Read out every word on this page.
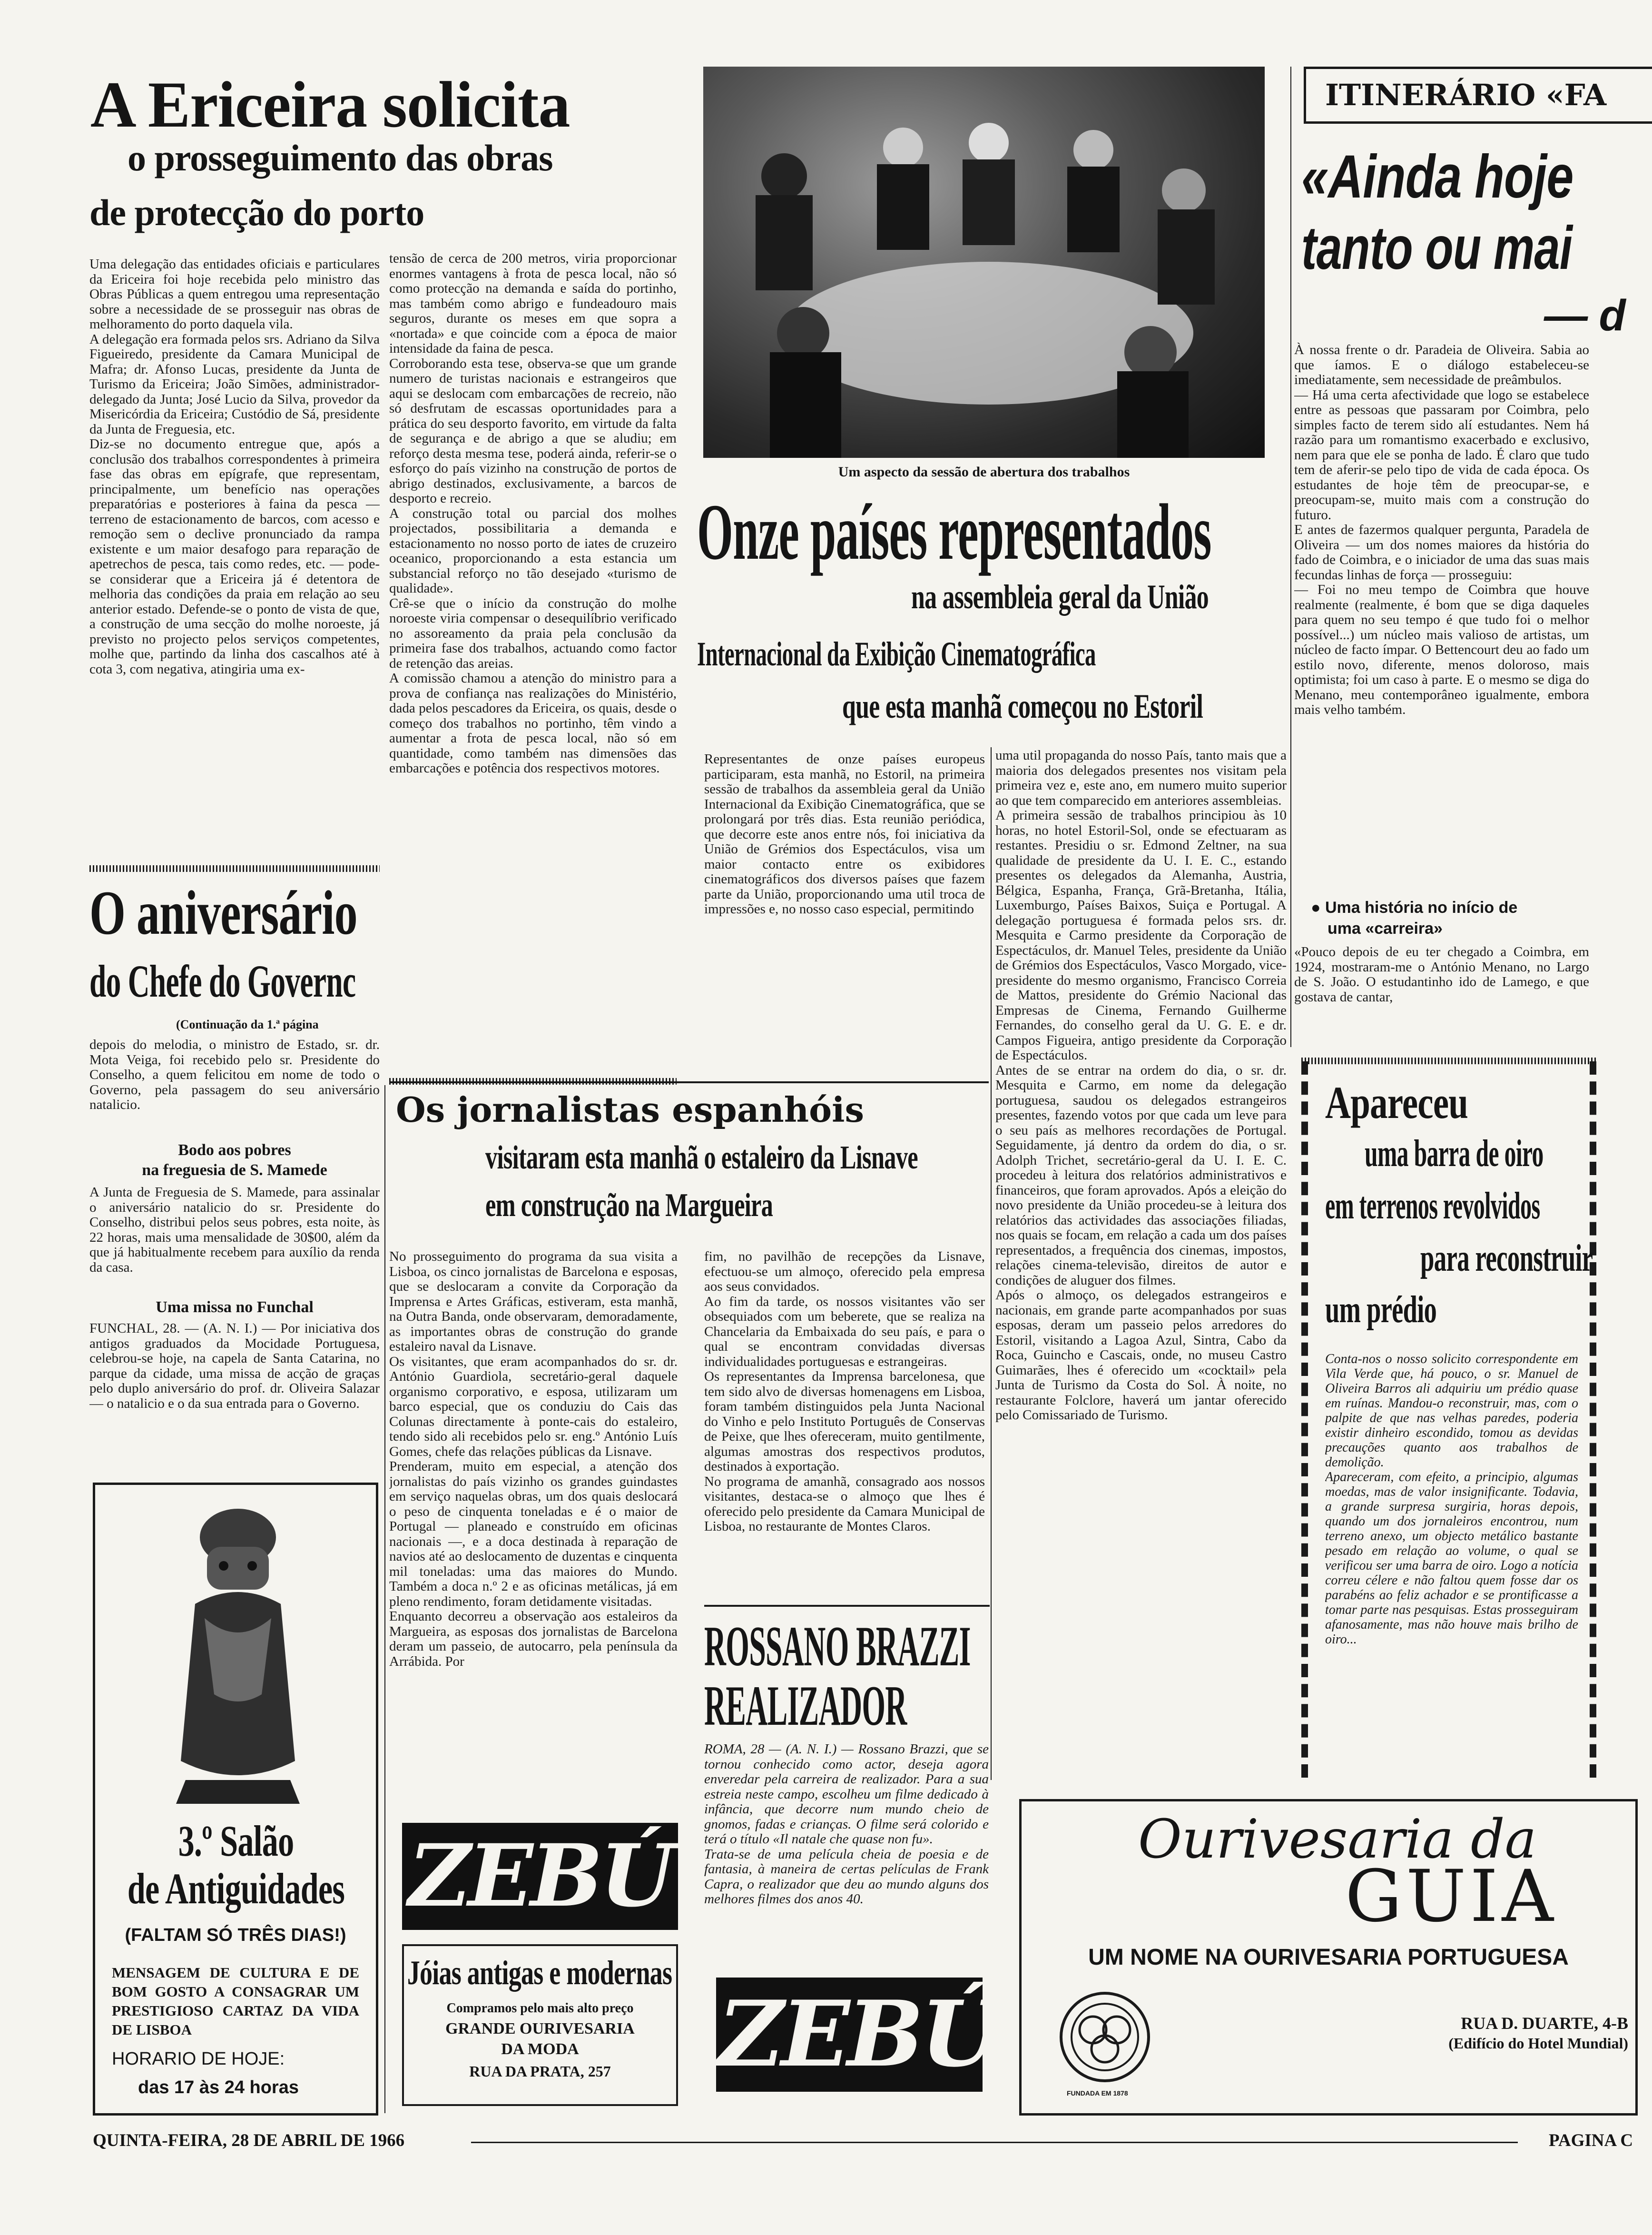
A Ericeira solicita
o prosseguimento das obras
de protecção do porto
Uma delegação das entidades oficiais e particulares da Ericeira foi hoje recebida pelo ministro das Obras Públicas a quem entregou uma representação sobre a necessidade de se prosseguir nas obras de melhoramento do porto daquela vila.
A delegação era formada pelos srs. Adriano da Silva Figueiredo, presidente da Camara Municipal de Mafra; dr. Afonso Lucas, presidente da Junta de Turismo da Ericeira; João Simões, administrador-delegado da Junta; José Lucio da Silva, provedor da Misericórdia da Ericeira; Custódio de Sá, presidente da Junta de Freguesia, etc.
Diz-se no documento entregue que, após a conclusão dos trabalhos correspondentes à primeira fase das obras em epígrafe, que representam, principalmente, um benefício nas operações preparatórias e posteriores à faina da pesca — terreno de estacionamento de barcos, com acesso e remoção sem o declive pronunciado da rampa existente e um maior desafogo para reparação de apetrechos de pesca, tais como redes, etc. — pode-se considerar que a Ericeira já é detentora de melhoria das condições da praia em relação ao seu anterior estado. Defende-se o ponto de vista de que, a construção de uma secção do molhe noroeste, já previsto no projecto pelos serviços competentes, molhe que, partindo da linha dos cascalhos até à cota 3, com negativa, atingiria uma ex-
tensão de cerca de 200 metros, viria proporcionar enormes vantagens à frota de pesca local, não só como protecção na demanda e saída do portinho, mas também como abrigo e fundeadouro mais seguros, durante os meses em que sopra a «nortada» e que coincide com a época de maior intensidade da faina de pesca.
Corroborando esta tese, observa-se que um grande numero de turistas nacionais e estrangeiros que aqui se deslocam com embarcações de recreio, não só desfrutam de escassas oportunidades para a prática do seu desporto favorito, em virtude da falta de segurança e de abrigo a que se aludiu; em reforço desta mesma tese, poderá ainda, referir-se o esforço do país vizinho na construção de portos de abrigo destinados, exclusivamente, a barcos de desporto e recreio.
A construção total ou parcial dos molhes projectados, possibilitaria a demanda e estacionamento no nosso porto de iates de cruzeiro oceanico, proporcionando a esta estancia um substancial reforço no tão desejado «turismo de qualidade».
Crê-se que o início da construção do molhe noroeste viria compensar o desequilíbrio verificado no assoreamento da praia pela conclusão da primeira fase dos trabalhos, actuando como factor de retenção das areias.
A comissão chamou a atenção do ministro para a prova de confiança nas realizações do Ministério, dada pelos pescadores da Ericeira, os quais, desde o começo dos trabalhos no portinho, têm vindo a aumentar a frota de pesca local, não só em quantidade, como também nas dimensões das embarcações e potência dos respectivos motores.
O aniversário
do Chefe do Governc
(Continuação da 1.ª página
depois do melodia, o ministro de Estado, sr. dr. Mota Veiga, foi recebido pelo sr. Presidente do Conselho, a quem felicitou em nome de todo o Governo, pela passagem do seu aniversário natalicio.
Bodo aos pobres
na freguesia de S. Mamede
A Junta de Freguesia de S. Mamede, para assinalar o aniversário natalicio do sr. Presidente do Conselho, distribui pelos seus pobres, esta noite, às 22 horas, mais uma mensalidade de 30$00, além da que já habitualmente recebem para auxílio da renda da casa.
Uma missa no Funchal
FUNCHAL, 28. — (A. N. I.) — Por iniciativa dos antigos graduados da Mocidade Portuguesa, celebrou-se hoje, na capela de Santa Catarina, no parque da cidade, uma missa de acção de graças pelo duplo aniversário do prof. dr. Oliveira Salazar — o natalicio e o da sua entrada para o Governo.
3.º Salão
de Antiguidades
(FALTAM SÓ TRÊS DIAS!)
MENSAGEM DE CULTURA E DE BOM GOSTO A CONSAGRAR UM PRESTIGIOSO CARTAZ DA VIDA DE LISBOA
HORARIO DE HOJE:
das 17 às 24 horas
Um aspecto da sessão de abertura dos trabalhos
Onze países representados
na assembleia geral da União
Internacional da Exibição Cinematográfica
que esta manhã começou no Estoril
Representantes de onze países europeus participaram, esta manhã, no Estoril, na primeira sessão de trabalhos da assembleia geral da União Internacional da Exibição Cinematográfica, que se prolongará por três dias. Esta reunião periódica, que decorre este anos entre nós, foi iniciativa da União de Grémios dos Espectáculos, visa um maior contacto entre os exibidores cinematográficos dos diversos países que fazem parte da União, proporcionando uma util troca de impressões e, no nosso caso especial, permitindo
uma util propaganda do nosso País, tanto mais que a maioria dos delegados presentes nos visitam pela primeira vez e, este ano, em numero muito superior ao que tem comparecido em anteriores assembleias.
A primeira sessão de trabalhos principiou às 10 horas, no hotel Estoril-Sol, onde se efectuaram as restantes. Presidiu o sr. Edmond Zeltner, na sua qualidade de presidente da U. I. E. C., estando presentes os delegados da Alemanha, Austria, Bélgica, Espanha, França, Grã-Bretanha, Itália, Luxemburgo, Países Baixos, Suiça e Portugal. A delegação portuguesa é formada pelos srs. dr. Mesquita e Carmo presidente da Corporação de Espectáculos, dr. Manuel Teles, presidente da União de Grémios dos Espectáculos, Vasco Morgado, vice-presidente do mesmo organismo, Francisco Correia de Mattos, presidente do Grémio Nacional das Empresas de Cinema, Fernando Guilherme Fernandes, do conselho geral da U. G. E. e dr. Campos Figueira, antigo presidente da Corporação de Espectáculos.
Antes de se entrar na ordem do dia, o sr. dr. Mesquita e Carmo, em nome da delegação portuguesa, saudou os delegados estrangeiros presentes, fazendo votos por que cada um leve para o seu país as melhores recordações de Portugal. Seguidamente, já dentro da ordem do dia, o sr. Adolph Trichet, secretário-geral da U. I. E. C. procedeu à leitura dos relatórios administrativos e financeiros, que foram aprovados. Após a eleição do novo presidente da União procedeu-se à leitura dos relatórios das actividades das associações filiadas, nos quais se focam, em relação a cada um dos países representados, a frequência dos cinemas, impostos, relações cinema-televisão, direitos de autor e condições de aluguer dos filmes.
Após o almoço, os delegados estrangeiros e nacionais, em grande parte acompanhados por suas esposas, deram um passeio pelos arredores do Estoril, visitando a Lagoa Azul, Sintra, Cabo da Roca, Guincho e Cascais, onde, no museu Castro Guimarães, lhes é oferecido um «cocktail» pela Junta de Turismo da Costa do Sol. À noite, no restaurante Folclore, haverá um jantar oferecido pelo Comissariado de Turismo.
Os jornalistas espanhóis
visitaram esta manhã o estaleiro da Lisnave
em construção na Margueira
No prosseguimento do programa da sua visita a Lisboa, os cinco jornalistas de Barcelona e esposas, que se deslocaram a convite da Corporação da Imprensa e Artes Gráficas, estiveram, esta manhã, na Outra Banda, onde observaram, demoradamente, as importantes obras de construção do grande estaleiro naval da Lisnave.
Os visitantes, que eram acompanhados do sr. dr. António Guardiola, secretário-geral daquele organismo corporativo, e esposa, utilizaram um barco especial, que os conduziu do Cais das Colunas directamente à ponte-cais do estaleiro, tendo sido ali recebidos pelo sr. eng.º António Luís Gomes, chefe das relações públicas da Lisnave.
Prenderam, muito em especial, a atenção dos jornalistas do país vizinho os grandes guindastes em serviço naquelas obras, um dos quais deslocará o peso de cinquenta toneladas e é o maior de Portugal — planeado e construído em oficinas nacionais —, e a doca destinada à reparação de navios até ao deslocamento de duzentas e cinquenta mil toneladas: uma das maiores do Mundo. Também a doca n.º 2 e as oficinas metálicas, já em pleno rendimento, foram detidamente visitadas.
Enquanto decorreu a observação aos estaleiros da Margueira, as esposas dos jornalistas de Barcelona deram um passeio, de autocarro, pela península da Arrábida. Por
fim, no pavilhão de recepções da Lisnave, efectuou-se um almoço, oferecido pela empresa aos seus convidados.
Ao fim da tarde, os nossos visitantes vão ser obsequiados com um beberete, que se realiza na Chancelaria da Embaixada do seu país, e para o qual se encontram convidadas diversas individualidades portuguesas e estrangeiras.
Os representantes da Imprensa barcelonesa, que tem sido alvo de diversas homenagens em Lisboa, foram também distinguidos pela Junta Nacional do Vinho e pelo Instituto Português de Conservas de Peixe, que lhes ofereceram, muito gentilmente, algumas amostras dos respectivos produtos, destinados à exportação.
No programa de amanhã, consagrado aos nossos visitantes, destaca-se o almoço que lhes é oferecido pelo presidente da Camara Municipal de Lisboa, no restaurante de Montes Claros.
ROSSANO BRAZZI
REALIZADOR
ROMA, 28 — (A. N. I.) — Rossano Brazzi, que se tornou conhecido como actor, deseja agora enveredar pela carreira de realizador. Para a sua estreia neste campo, escolheu um filme dedicado à infância, que decorre num mundo cheio de gnomos, fadas e crianças. O filme será colorido e terá o título «Il natale che quase non fu».
Trata-se de uma película cheia de poesia e de fantasia, à maneira de certas películas de Frank Capra, o realizador que deu ao mundo alguns dos melhores filmes dos anos 40.
ZEBÚ
ZEBÚ
Jóias antigas e modernas
Compramos pelo mais alto preço
GRANDE OURIVESARIA
DA MODA
RUA DA PRATA, 257
ITINERÁRIO «FA
«Ainda hoje
tanto ou mai
— d
À nossa frente o dr. Paradeia de Oliveira. Sabia ao que íamos. E o diálogo estabeleceu-se imediatamente, sem necessidade de preâmbulos.
— Há uma certa afectividade que logo se estabelece entre as pessoas que passaram por Coimbra, pelo simples facto de terem sido alí estudantes. Nem há razão para um romantismo exacerbado e exclusivo, nem para que ele se ponha de lado. É claro que tudo tem de aferir-se pelo tipo de vida de cada época. Os estudantes de hoje têm de preocupar-se, e preocupam-se, muito mais com a construção do futuro.
E antes de fazermos qualquer pergunta, Paradela de Oliveira — um dos nomes maiores da história do fado de Coimbra, e o iniciador de uma das suas mais fecundas linhas de força — prosseguiu:
— Foi no meu tempo de Coimbra que houve realmente (realmente, é bom que se diga daqueles para quem no seu tempo é que tudo foi o melhor possível...) um núcleo mais valioso de artistas, um núcleo de facto ímpar. O Bettencourt deu ao fado um estilo novo, diferente, menos doloroso, mais optimista; foi um caso à parte. E o mesmo se diga do Menano, meu contemporâneo igualmente, embora mais velho também.
● Uma história no início de
uma «carreira»
«Pouco depois de eu ter chegado a Coimbra, em 1924, mostraram-me o António Menano, no Largo de S. João. O estudantinho ido de Lamego, e que gostava de cantar,
Apareceu
uma barra de oiro
em terrenos revolvidos
para reconstruir
um prédio
Conta-nos o nosso solicito correspondente em Vila Verde que, há pouco, o sr. Manuel de Oliveira Barros ali adquiriu um prédio quase em ruínas. Mandou-o reconstruir, mas, com o palpite de que nas velhas paredes, poderia existir dinheiro escondido, tomou as devidas precauções quanto aos trabalhos de demolição.
Apareceram, com efeito, a principio, algumas moedas, mas de valor insignificante. Todavia, a grande surpresa surgiria, horas depois, quando um dos jornaleiros encontrou, num terreno anexo, um objecto metálico bastante pesado em relação ao volume, o qual se verificou ser uma barra de oiro. Logo a notícia correu célere e não faltou quem fosse dar os parabéns ao feliz achador e se prontificasse a tomar parte nas pesquisas. Estas prosseguiram afanosamente, mas não houve mais brilho de oiro...
Ourivesaria da
GUIA
UM NOME NA OURIVESARIA PORTUGUESA
FUNDADA EM 1878
RUA D. DUARTE, 4-B
(Edifício do Hotel Mundial)
QUINTA-FEIRA, 28 DE ABRIL DE 1966	PAGINA C
